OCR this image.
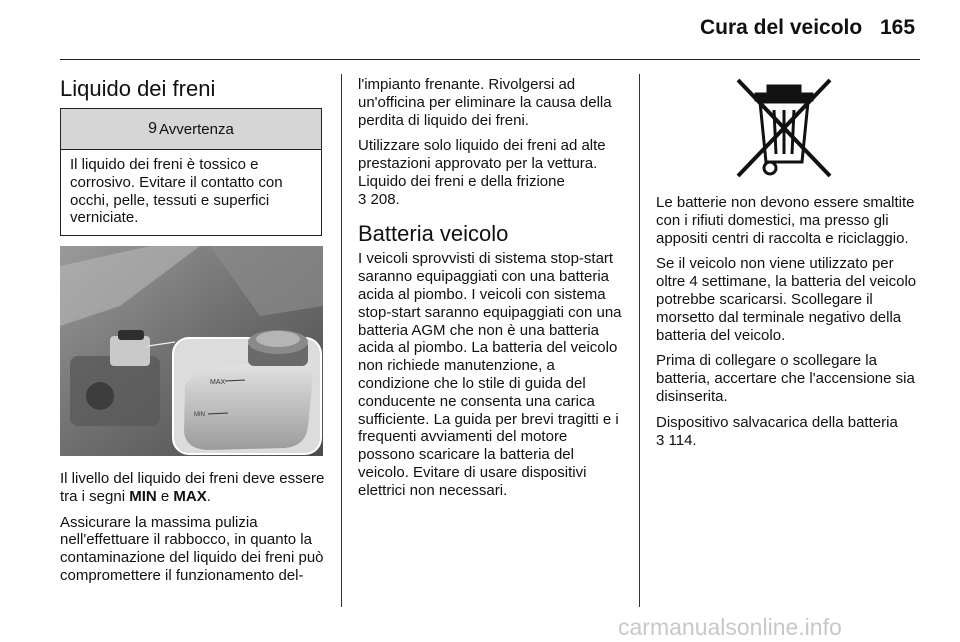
Cura del veicolo 165
Liquido dei freni
9 Avvertenza
Il liquido dei freni è tossico e corrosivo. Evitare il contatto con occhi, pelle, tessuti e superfici verniciate.
MAX
MIN

Il livello del liquido dei freni deve essere tra i segni MIN e MAX.

Assicurare la massima pulizia nell'effettuare il rabbocco, in quanto la contaminazione del liquido dei freni può compromettere il funzionamento del-

l'impianto frenante. Rivolgersi ad un'officina per eliminare la causa della perdita di liquido dei freni.

Utilizzare solo liquido dei freni ad alte prestazioni approvato per la vettura.

Liquido dei freni e della frizione
3 208.

Batteria veicolo

I veicoli sprovvisti di sistema stop-start saranno equipaggiati con una batteria acida al piombo. I veicoli con sistema stop-start saranno equipaggiati con una batteria AGM che non è una batteria acida al piombo. La batteria del veicolo non richiede manutenzione, a condizione che lo stile di guida del conducente ne consenta una carica sufficiente. La guida per brevi tragitti e i frequenti avviamenti del motore possono scaricare la batteria del veicolo. Evitare di usare dispositivi elettrici non necessari.

Le batterie non devono essere smaltite con i rifiuti domestici, ma presso gli appositi centri di raccolta e riciclaggio.

Se il veicolo non viene utilizzato per oltre 4 settimane, la batteria del veicolo potrebbe scaricarsi. Scollegare il morsetto dal terminale negativo della batteria del veicolo.

Prima di collegare o scollegare la batteria, accertare che l'accensione sia disinserita.

Dispositivo salvacarica della batteria
3 114.

carmanualsonline.info
